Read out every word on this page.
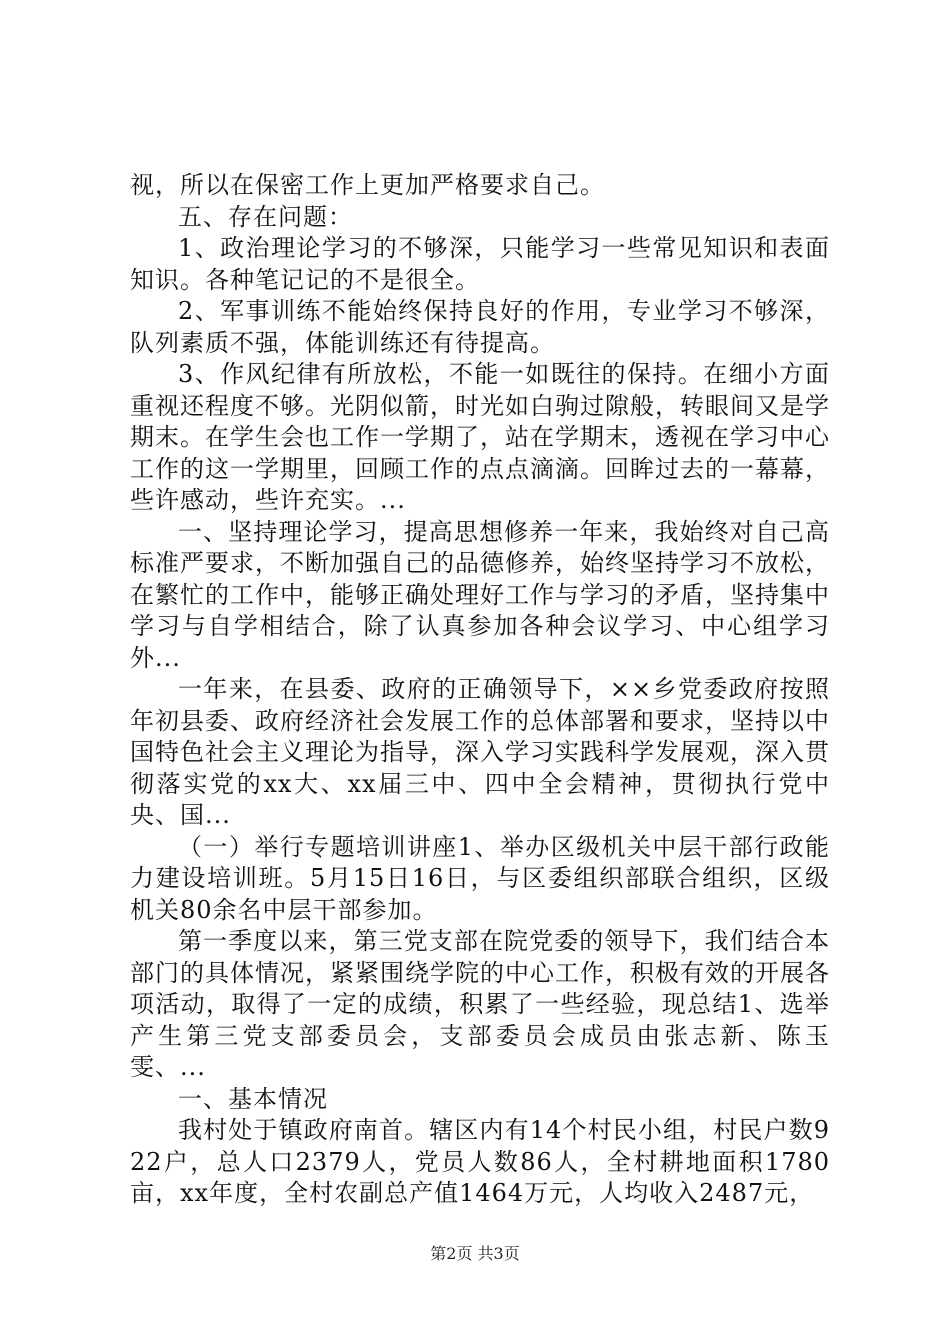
视，所以在保密工作上更加严格要求自己。

五、存在问题：

1、政治理论学习的不够深，只能学习一些常见知识和表面知识。各种笔记记的不是很全。

2、军事训练不能始终保持良好的作用，专业学习不够深，队列素质不强，体能训练还有待提高。

3、作风纪律有所放松，不能一如既往的保持。在细小方面重视还程度不够。光阴似箭，时光如白驹过隙般，转眼间又是学期末。在学生会也工作一学期了，站在学期末，透视在学习中心工作的这一学期里，回顾工作的点点滴滴。回眸过去的一幕幕，些许感动，些许充实。...

一、坚持理论学习，提高思想修养一年来，我始终对自己高标准严要求，不断加强自己的品德修养，始终坚持学习不放松，在繁忙的工作中，能够正确处理好工作与学习的矛盾，坚持集中学习与自学相结合，除了认真参加各种会议学习、中心组学习外...

一年来，在县委、政府的正确领导下，××乡党委政府按照年初县委、政府经济社会发展工作的总体部署和要求，坚持以中国特色社会主义理论为指导，深入学习实践科学发展观，深入贯彻落实党的xx大、xx届三中、四中全会精神，贯彻执行党中央、国...

（一）举行专题培训讲座1、举办区级机关中层干部行政能力建设培训班。5月15日16日，与区委组织部联合组织，区级机关80余名中层干部参加。

第一季度以来，第三党支部在院党委的领导下，我们结合本部门的具体情况，紧紧围绕学院的中心工作，积极有效的开展各项活动，取得了一定的成绩，积累了一些经验，现总结1、选举产生第三党支部委员会，支部委员会成员由张志新、陈玉雯、...

一、基本情况

我村处于镇政府南首。辖区内有14个村民小组，村民户数922户，总人口2379人，党员人数86人，全村耕地面积1780亩，xx年度，全村农副总产值1464万元，人均收入2487元，

第2页 共3页
